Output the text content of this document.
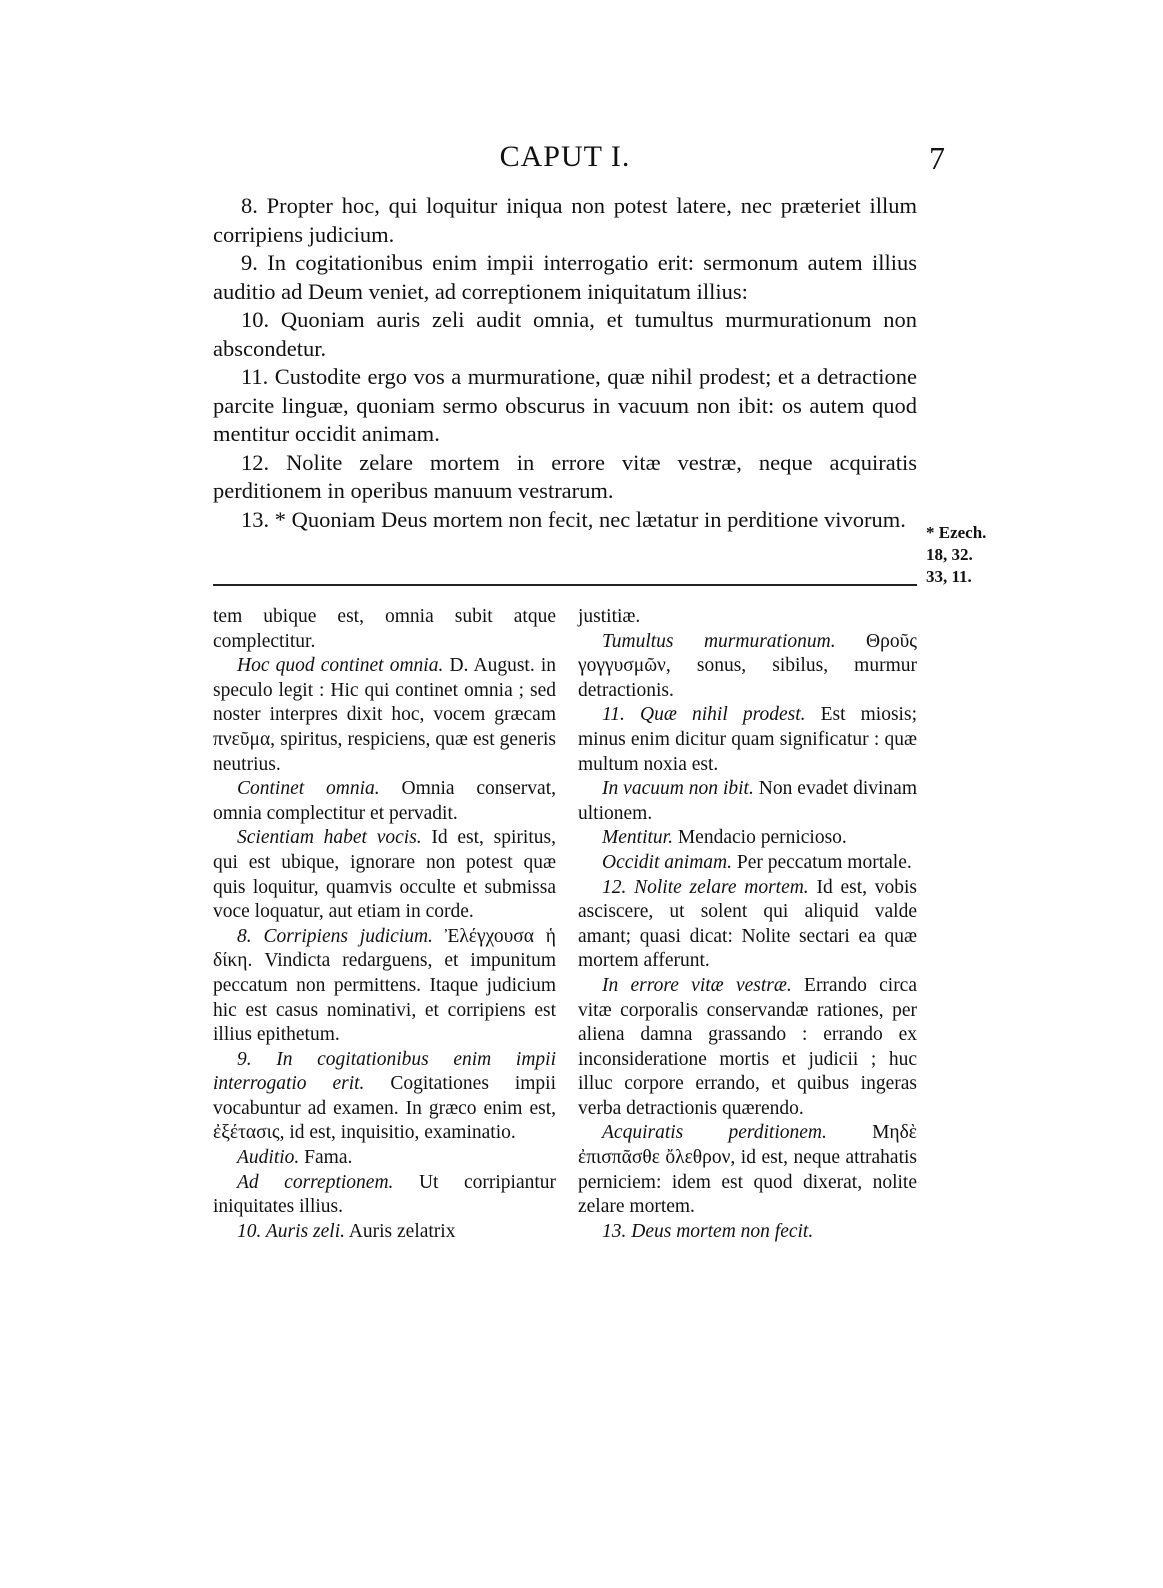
CAPUT I.	7

8. Propter hoc, qui loquitur iniqua non potest latere, nec præteriet illum corripiens judicium.

9. In cogitationibus enim impii interrogatio erit: sermonum autem illius auditio ad Deum veniet, ad correptionem iniquitatum illius:

10. Quoniam auris zeli audit omnia, et tumultus murmurationum non abscondetur.

11. Custodite ergo vos a murmuratione, quæ nihil prodest; et a detractione parcite linguæ, quoniam sermo obscurus in vacuum non ibit: os autem quod mentitur occidit animam.

12. Nolite zelare mortem in errore vitæ vestræ, neque acquiratis perditionem in operibus manuum vestrarum.

13. * Quoniam Deus mortem non fecit, nec lætatur in perditione vivorum.

* Ezech.
18, 32.
33, 11.

tem ubique est, omnia subit atque complectitur.

Hoc quod continet omnia. D. August. in speculo legit : Hic qui continet omnia ; sed noster interpres dixit hoc, vocem græcam πνεῦμα, spiritus, respiciens, quæ est generis neutrius.

Continet omnia. Omnia conservat, omnia complectitur et pervadit.

Scientiam habet vocis. Id est, spiritus, qui est ubique, ignorare non potest quæ quis loquitur, quamvis occulte et submissa voce loquatur, aut etiam in corde.

8. Corripiens judicium. Ἐλέγχουσα ἡ δίκη. Vindicta redarguens, et impunitum peccatum non permittens. Itaque judicium hic est casus nominativi, et corripiens est illius epithetum.

9. In cogitationibus enim impii interrogatio erit. Cogitationes impii vocabuntur ad examen. In græco enim est, ἐξέτασις, id est, inquisitio, examinatio.

Auditio. Fama.

Ad correptionem. Ut corripiantur iniquitates illius.

10. Auris zeli. Auris zelatrix

justitiæ.

Tumultus murmurationum. Θροῦς γογγυσμῶν, sonus, sibilus, murmur detractionis.

11. Quæ nihil prodest. Est miosis; minus enim dicitur quam significatur : quæ multum noxia est.

In vacuum non ibit. Non evadet divinam ultionem.

Mentitur. Mendacio pernicioso.

Occidit animam. Per peccatum mortale.

12. Nolite zelare mortem. Id est, vobis asciscere, ut solent qui aliquid valde amant; quasi dicat: Nolite sectari ea quæ mortem afferunt.

In errore vitæ vestræ. Errando circa vitæ corporalis conservandæ rationes, per aliena damna grassando : errando ex inconsideratione mortis et judicii ; huc illuc corpore errando, et quibus ingeras verba detractionis quærendo.

Acquiratis perditionem. Μηδὲ ἐπισπᾶσθε ὄλεθρον, id est, neque attrahatis perniciem: idem est quod dixerat, nolite zelare mortem.

13. Deus mortem non fecit.
